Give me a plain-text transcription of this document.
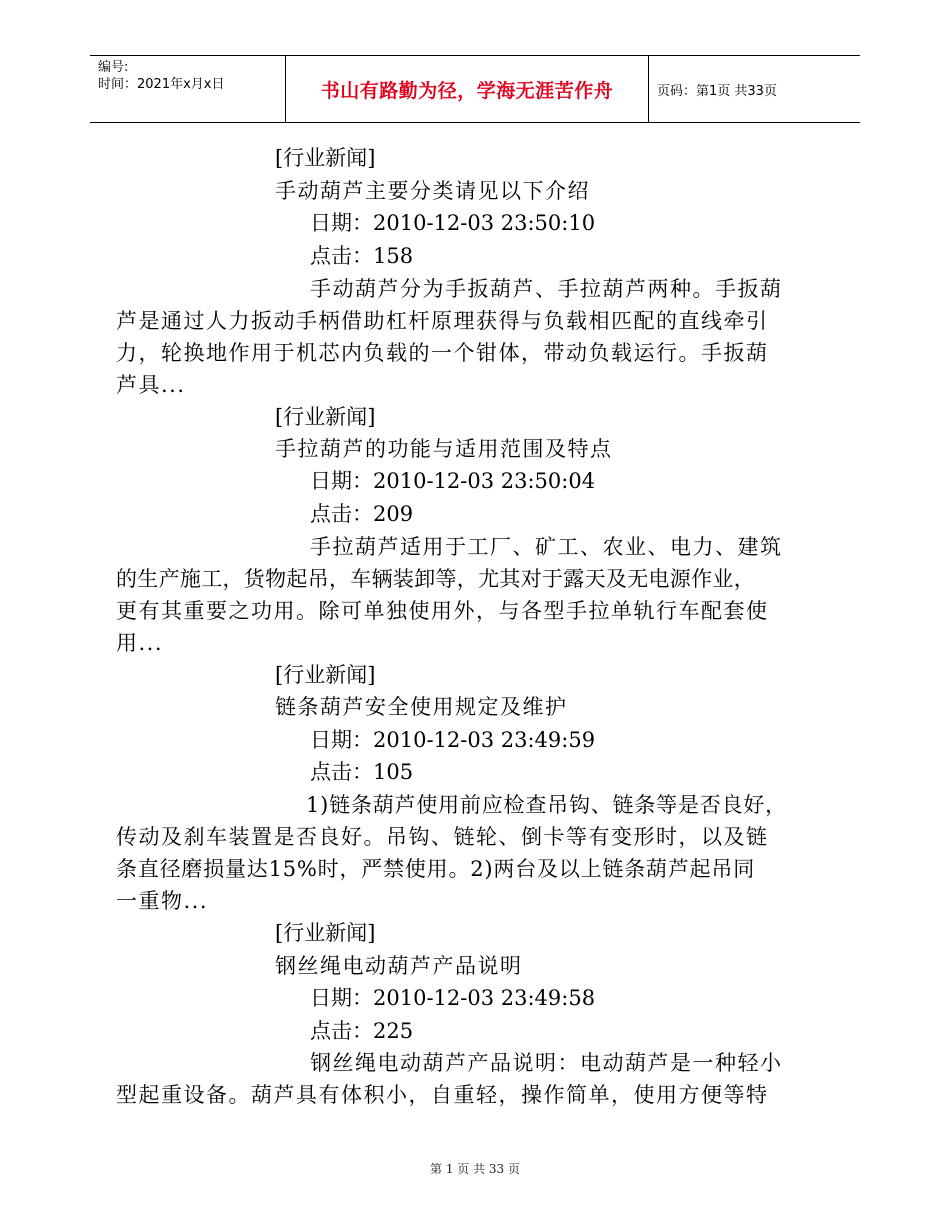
编号:
时间：2021年x月x日	书山有路勤为径，学海无涯苦作舟	页码：第1页 共33页
[行业新闻]
手动葫芦主要分类请见以下介绍
日期：2010-12-03 23:50:10
点击：158
手动葫芦分为手扳葫芦、手拉葫芦两种。手扳葫
芦是通过人力扳动手柄借助杠杆原理获得与负载相匹配的直线牵引
力，轮换地作用于机芯内负载的一个钳体，带动负载运行。手扳葫
芦具...
[行业新闻]
手拉葫芦的功能与适用范围及特点
日期：2010-12-03 23:50:04
点击：209
手拉葫芦适用于工厂、矿工、农业、电力、建筑
的生产施工，货物起吊，车辆装卸等，尤其对于露天及无电源作业，
更有其重要之功用。除可单独使用外，与各型手拉单轨行车配套使
用...
[行业新闻]
链条葫芦安全使用规定及维护
日期：2010-12-03 23:49:59
点击：105
1)链条葫芦使用前应检查吊钩、链条等是否良好，
传动及刹车装置是否良好。吊钩、链轮、倒卡等有变形时，以及链
条直径磨损量达15%时，严禁使用。2)两台及以上链条葫芦起吊同
一重物...
[行业新闻]
钢丝绳电动葫芦产品说明
日期：2010-12-03 23:49:58
点击：225
钢丝绳电动葫芦产品说明：电动葫芦是一种轻小
型起重设备。葫芦具有体积小，自重轻，操作简单，使用方便等特
第 1 页 共 33 页
